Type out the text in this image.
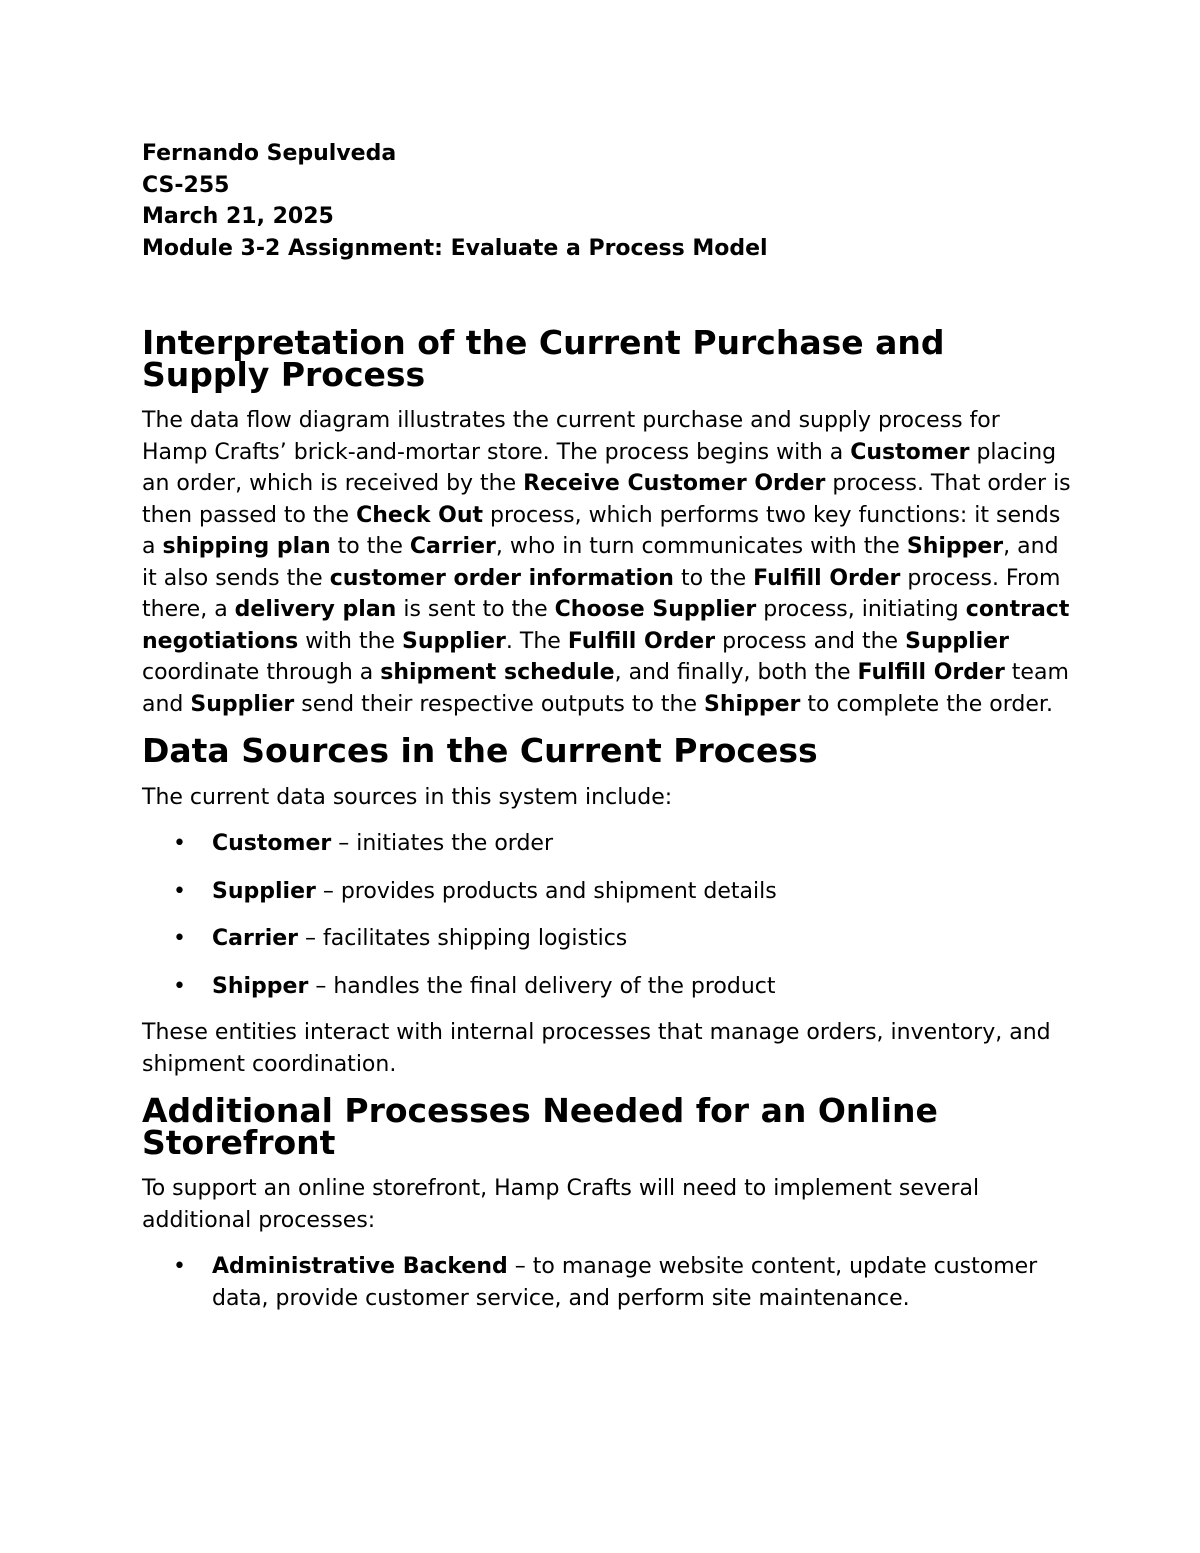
Fernando Sepulveda

CS-255

March 21, 2025

Module 3-2 Assignment: Evaluate a Process Model

Interpretation of the Current Purchase and Supply Process

The data flow diagram illustrates the current purchase and supply process for Hamp Crafts’ brick-and-mortar store. The process begins with a Customer placing an order, which is received by the Receive Customer Order process. That order is then passed to the Check Out process, which performs two key functions: it sends a shipping plan to the Carrier, who in turn communicates with the Shipper, and it also sends the customer order information to the Fulfill Order process. From there, a delivery plan is sent to the Choose Supplier process, initiating contract negotiations with the Supplier. The Fulfill Order process and the Supplier coordinate through a shipment schedule, and finally, both the Fulfill Order team and Supplier send their respective outputs to the Shipper to complete the order.

Data Sources in the Current Process

The current data sources in this system include:

• Customer – initiates the order
• Supplier – provides products and shipment details
• Carrier – facilitates shipping logistics
• Shipper – handles the final delivery of the product

These entities interact with internal processes that manage orders, inventory, and shipment coordination.

Additional Processes Needed for an Online Storefront

To support an online storefront, Hamp Crafts will need to implement several additional processes:

• Administrative Backend – to manage website content, update customer data, provide customer service, and perform site maintenance.
